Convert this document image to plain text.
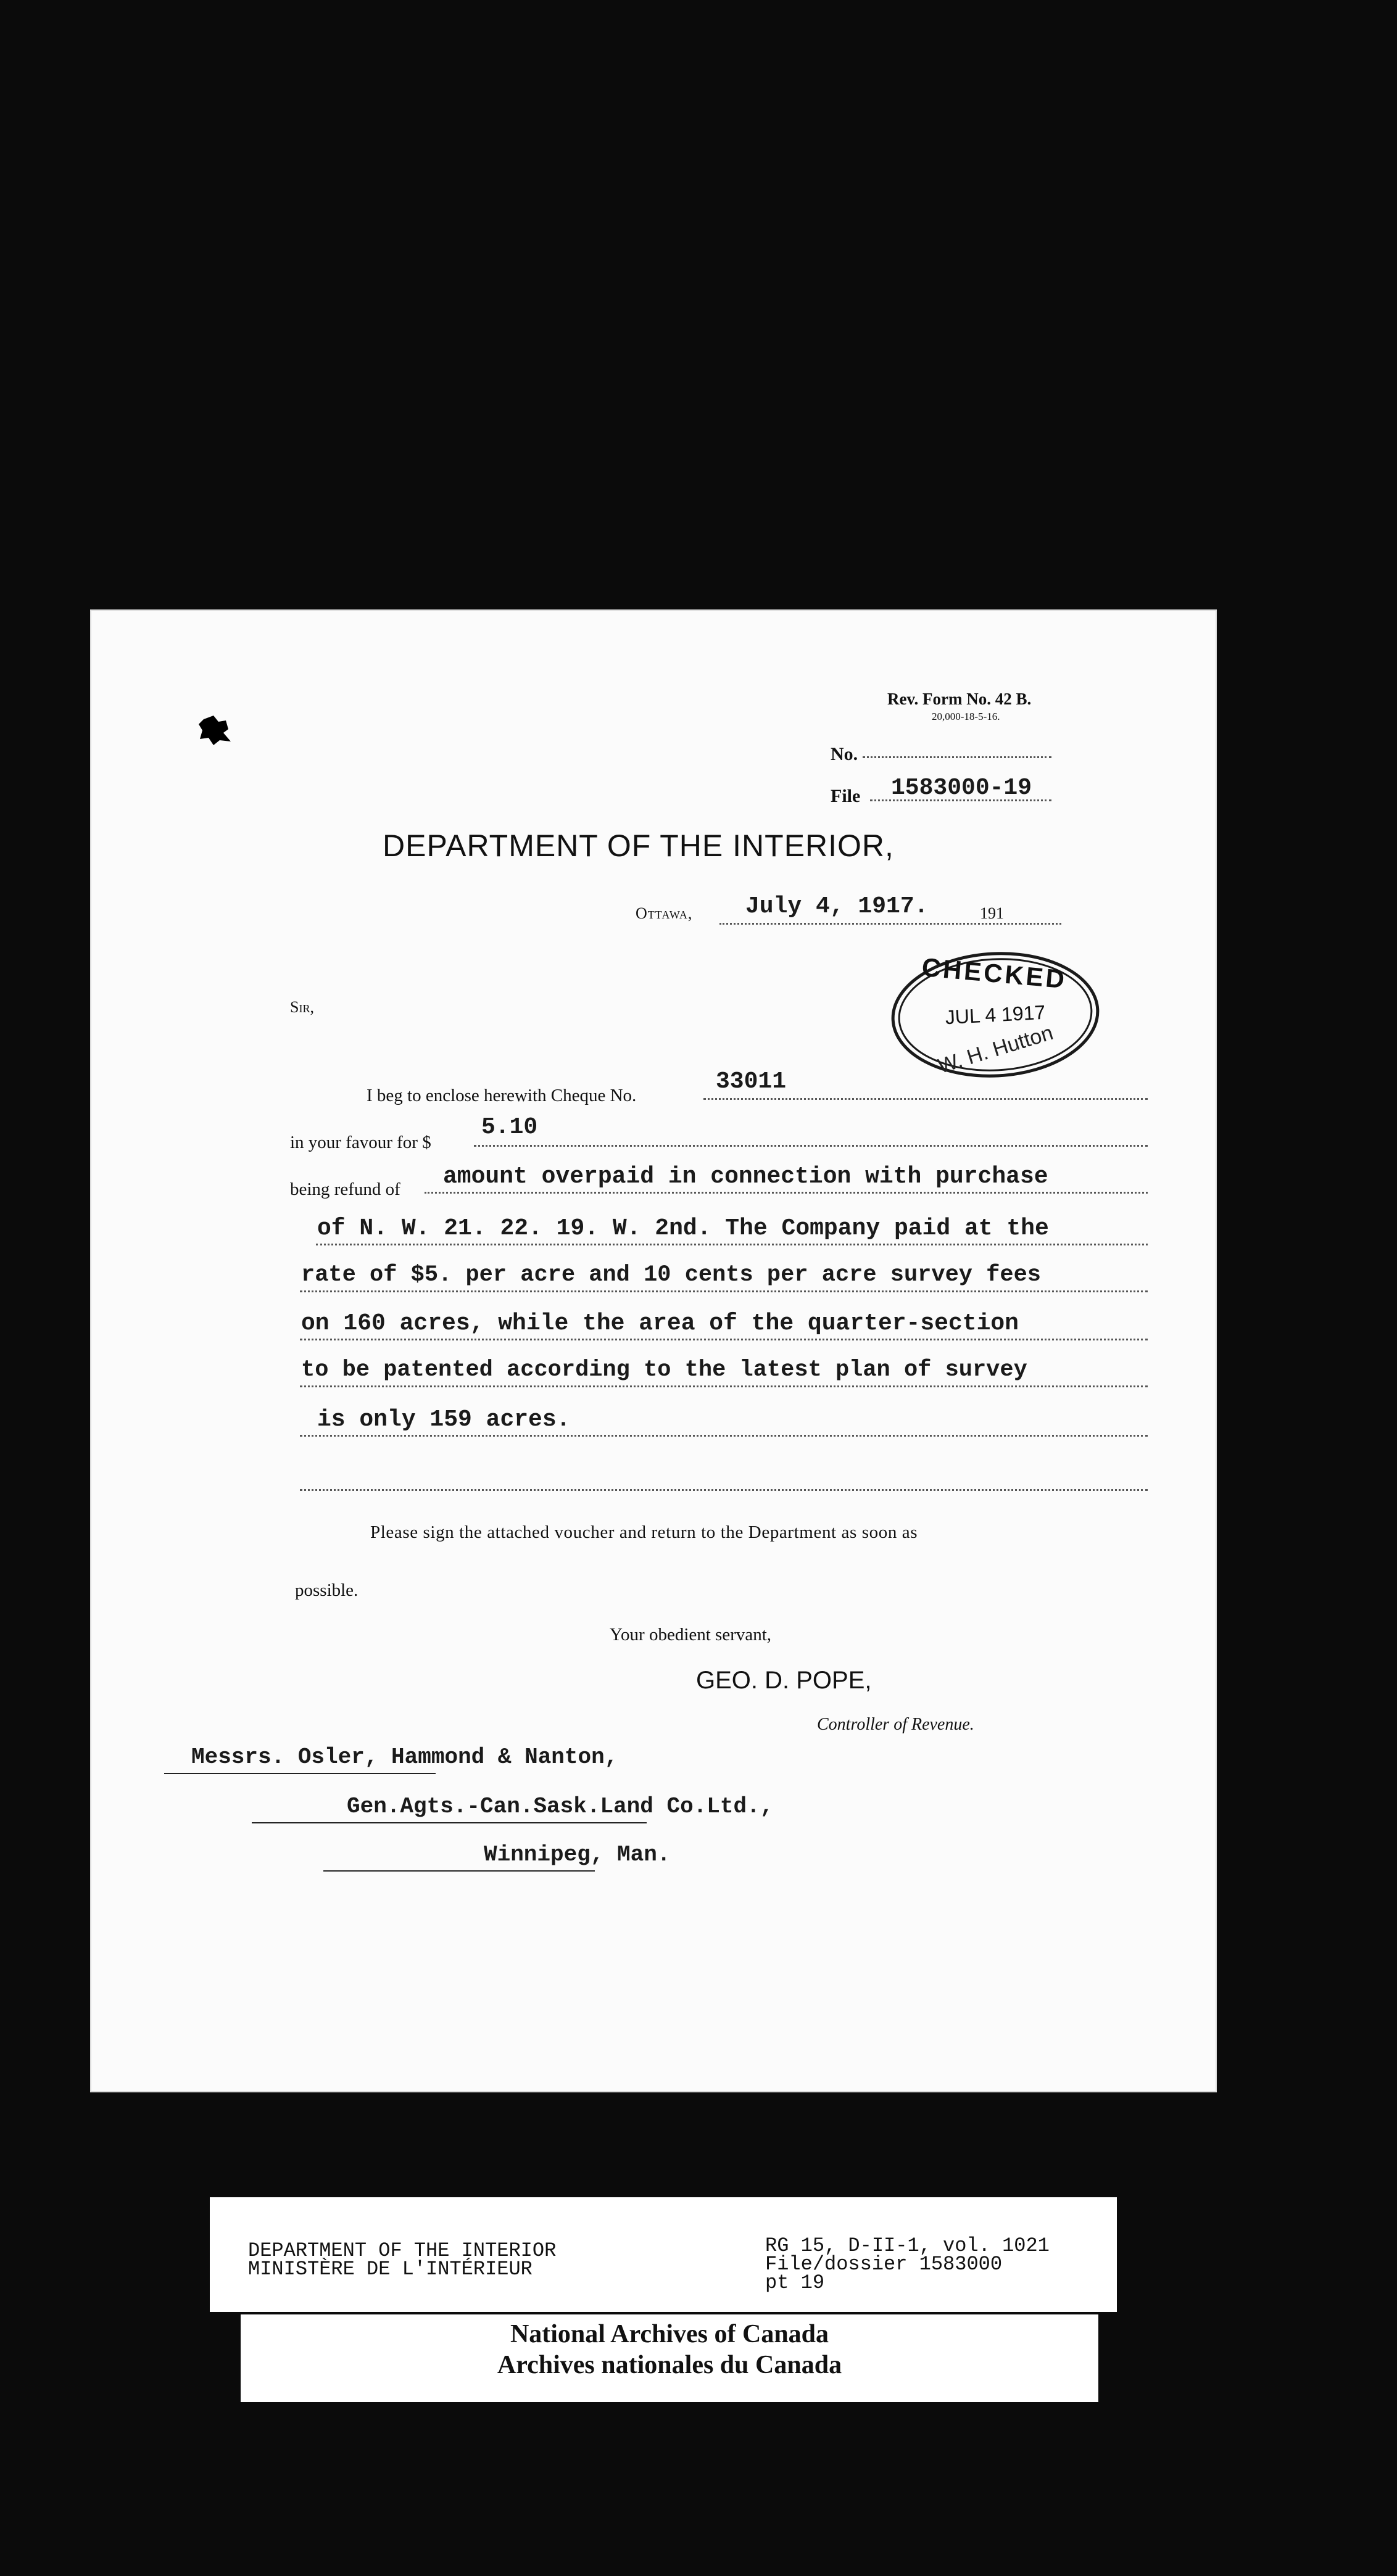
Rev. Form No. 42 B.
20,000-18-5-16.
No.
File 1583000-19
DEPARTMENT OF THE INTERIOR,
Ottawa, July 4, 1917.	191
CHECKED
JUL 4 1917
W. H. Hutton
Sir,
I beg to enclose herewith Cheque No.
33011
in your favour for $
5.10
being refund of amount overpaid in connection with purchase
of N. W. 21. 22. 19. W. 2nd. The Company paid at the
rate of $5. per acre and 10 cents per acre survey fees
on 160 acres, while the area of the quarter-section
to be patented according to the latest plan of survey
is only 159 acres.
Please sign the attached voucher and return to the Department as soon as
possible.
Your obedient servant,
GEO. D. POPE,
Controller of Revenue.
Messrs. Osler, Hammond & Nanton,
Gen.Agts.-Can.Sask.Land Co.Ltd.,
Winnipeg, Man.
DEPARTMENT OF THE INTERIOR
MINISTÈRE DE L'INTÉRIEUR
RG 15, D-II-1, vol. 1021
File/dossier 1583000
pt 19
National Archives of Canada
Archives nationales du Canada
